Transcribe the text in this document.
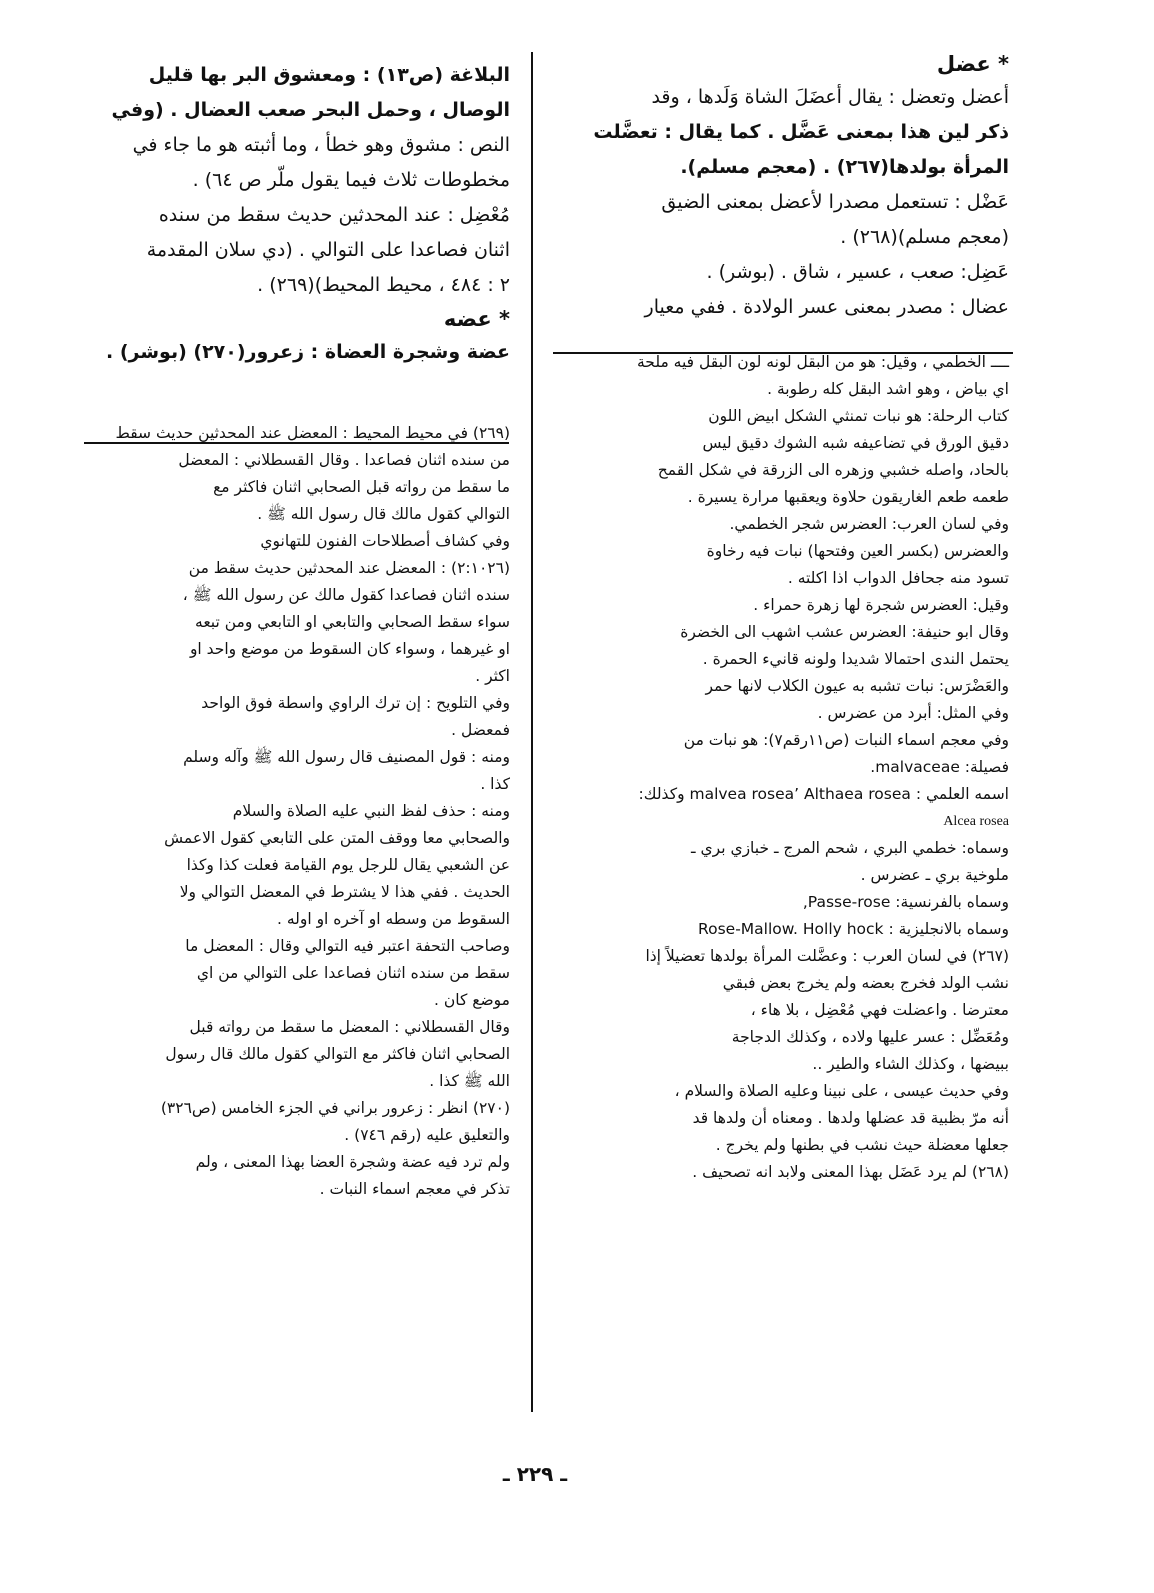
* عضل
أعضل وتعضل : يقال أعضَلَ الشاة وَلَدها ، وقد
ذكر لين هذا بمعنى عَضَّل . كما يقال : تعضَّلت
المرأة بولدها(٢٦٧) . (معجم مسلم).
عَضْل : تستعمل مصدرا لأعضل بمعنى الضيق
(معجم مسلم)(٢٦٨) .
عَضِل: صعب ، عسير ، شاق . (بوشر) .
عضال : مصدر بمعنى عسر الولادة . ففي معيار
ــــ الخطمي ، وقيل: هو من البقل لونه لون البقل فيه ملحة
اي بياض ، وهو اشد البقل كله رطوبة .
كتاب الرحلة: هو نبات تمنثي الشكل ابيض اللون
دقيق الورق في تضاعيفه شبه الشوك دقيق ليس
بالحاد، واصله خشبي وزهره الى الزرقة في شكل القمح
طعمه طعم الغاريقون حلاوة ويعقبها مرارة يسيرة .
وفي لسان العرب: العضرس شجر الخطمي.
والعضرس (بكسر العين وفتحها) نبات فيه رخاوة
تسود منه جحافل الدواب اذا اكلته .
وقيل: العضرس شجرة لها زهرة حمراء .
وقال ابو حنيفة: العضرس عشب اشهب الى الخضرة
يحتمل الندى احتمالا شديدا ولونه قانيء الحمرة .
والعَضْرَس: نبات تشبه به عيون الكلاب لانها حمر
وفي المثل: أبرد من عضرس .
وفي معجم اسماء النبات (ص١١رقم٧): هو نبات من
فصيلة: malvaceae.
اسمه العلمي : malvea rosea’ Althaea rosea وكذلك:
Alcea rosea
وسماه: خطمي البري ، شحم المرج ـ خبازي بري ـ
ملوخية بري ـ عضرس .
وسماه بالفرنسية: Passe-rose,
وسماه بالانجليزية : Rose-Mallow. Holly hock
(٢٦٧) في لسان العرب : وعضَّلت المرأة بولدها تعضيلاً إذا
نشب الولد فخرج بعضه ولم يخرج بعض فبقي
معترضا . واعضلت فهي مُعْضِل ، بلا هاء ،
ومُعَضِّل : عسر عليها ولاده ، وكذلك الدجاجة
ببيضها ، وكذلك الشاء والطير ..
وفي حديث عيسى ، على نبينا وعليه الصلاة والسلام ،
أنه مرّ بظبية قد عضلها ولدها . ومعناه أن ولدها قد
جعلها معضلة حيث نشب في بطنها ولم يخرج .
(٢٦٨) لم يرد عَضَل بهذا المعنى ولابد انه تصحيف .
البلاغة (ص١٣) : ومعشوق البر بها قليل
الوصال ، وحمل البحر صعب العضال . (وفي
النص : مشوق وهو خطأ ، وما أثبته هو ما جاء في
مخطوطات ثلاث فيما يقول ملّر ص ٦٤) .
مُعْضِل : عند المحدثين حديث سقط من سنده
اثنان فصاعدا على التوالي . (دي سلان المقدمة
٢ : ٤٨٤ ، محيط المحيط)(٢٦٩) .
* عضه
عضة وشجرة العضاة : زعرور(٢٧٠) (بوشر) .
(٢٦٩) في محيط المحيط : المعضل عند المحدثين حديث سقط
من سنده اثنان فصاعدا . وقال القسطلاني : المعضل
ما سقط من رواته قبل الصحابي اثنان فاكثر مع
التوالي كقول مالك قال رسول الله ﷺ .
وفي كشاف أصطلاحات الفنون للتهانوي
(٢:١٠٢٦) : المعضل عند المحدثين حديث سقط من
سنده اثنان فصاعدا كقول مالك عن رسول الله ﷺ ،
سواء سقط الصحابي والتابعي او التابعي ومن تبعه
او غيرهما ، وسواء كان السقوط من موضع واحد او
اكثر .
وفي التلويح : إن ترك الراوي واسطة فوق الواحد
فمعضل .
ومنه : قول المصنيف قال رسول الله ﷺ وآله وسلم
كذا .
ومنه : حذف لفظ النبي عليه الصلاة والسلام
والصحابي معا ووقف المتن على التابعي كقول الاعمش
عن الشعبي يقال للرجل يوم القيامة فعلت كذا وكذا
الحديث . ففي هذا لا يشترط في المعضل التوالي ولا
السقوط من وسطه او آخره او اوله .
وصاحب التحفة اعتبر فيه التوالي وقال : المعضل ما
سقط من سنده اثنان فصاعدا على التوالي من اي
موضع كان .
وقال القسطلاني : المعضل ما سقط من رواته قبل
الصحابي اثنان فاكثر مع التوالي كقول مالك قال رسول
الله ﷺ كذا .
(٢٧٠) انظر : زعرور براني في الجزء الخامس (ص٣٢٦)
والتعليق عليه (رقم ٧٤٦) .
ولم ترد فيه عضة وشجرة العضا بهذا المعنى ، ولم
تذكر في معجم اسماء النبات .
ـ ٢٢٩ ـ
